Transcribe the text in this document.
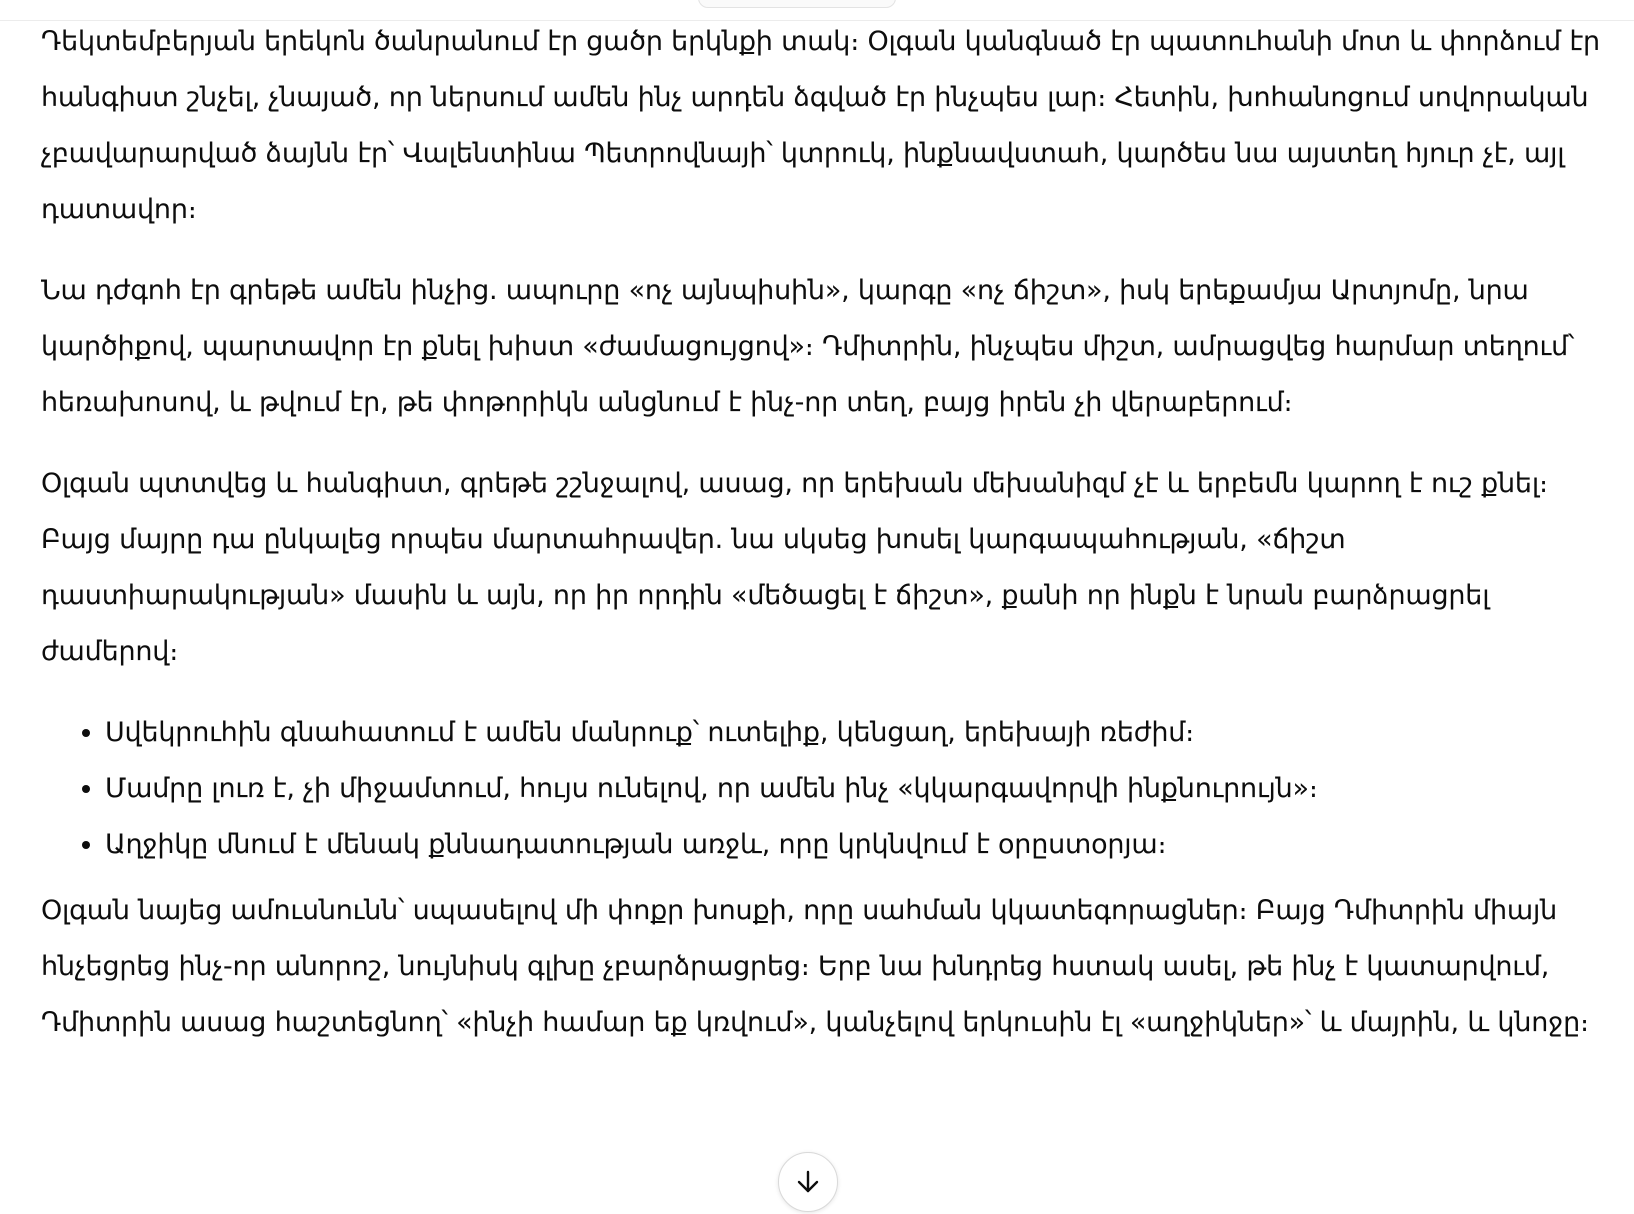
Դեկտեմբերյան երեկոն ծանրանում էր ցածր երկնքի տակ։ Օլգան կանգնած էր պատուհանի մոտ և փորձում էր հանգիստ շնչել, չնայած, որ ներսում ամեն ինչ արդեն ձգված էր ինչպես լար։ Հետին, խոհանոցում սովորական չբավարարված ձայնն էր՝ Վալենտինա Պետրովնայի՝ կտրուկ, ինքնավստահ, կարծես նա այստեղ հյուր չէ, այլ դատավոր։

Նա դժգոհ էր գրեթե ամեն ինչից. ապուրը «ոչ այնպիսին», կարգը «ոչ ճիշտ», իսկ երեքամյա Արտյոմը, նրա կարծիքով, պարտավոր էր քնել խիստ «ժամացույցով»։ Դմիտրին, ինչպես միշտ, ամրացվեց հարմար տեղում՝ հեռախոսով, և թվում էր, թե փոթորիկն անցնում է ինչ-որ տեղ, բայց իրեն չի վերաբերում։

Օլգան պտտվեց և հանգիստ, գրեթե շշնջալով, ասաց, որ երեխան մեխանիզմ չէ և երբեմն կարող է ուշ քնել։ Բայց մայրը դա ընկալեց որպես մարտահրավեր. նա սկսեց խոսել կարգապահության, «ճիշտ դաստիարակության» մասին և այն, որ իր որդին «մեծացել է ճիշտ», քանի որ ինքն է նրան բարձրացրել ժամերով։

• Սվեկրուհին գնահատում է ամեն մանրուք՝ ուտելիք, կենցաղ, երեխայի ռեժիմ։
• Մամրը լուռ է, չի միջամտում, հույս ունելով, որ ամեն ինչ «կկարգավորվի ինքնուրույն»։
• Աղջիկը մնում է մենակ քննադատության առջև, որը կրկնվում է օրըստօրյա։

Օլգան նայեց ամուսնունն՝ սպասելով մի փոքր խոսքի, որը սահման կկատեգորացներ։ Բայց Դմիտրին միայն հնչեցրեց ինչ-որ անորոշ, նույնիսկ գլխը չբարձրացրեց։ Երբ նա խնդրեց հստակ ասել, թե ինչ է կատարվում, Դմիտրին ասաց հաշտեցնող՝ «ինչի համար եք կռվում», կանչելով երկուսին էլ «աղջիկներ»՝ և մայրին, և կնոջը։
